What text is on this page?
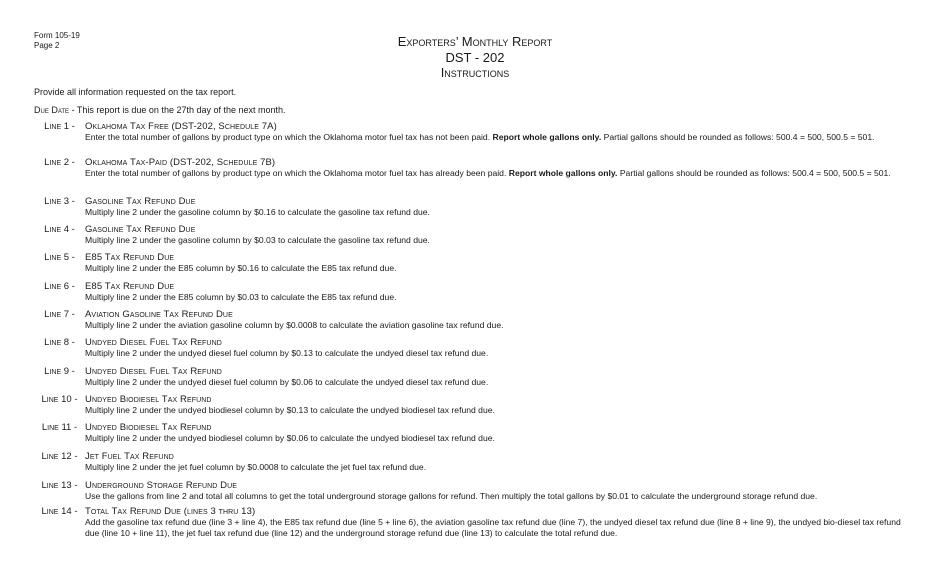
Form 105-19
Page 2	Exporters’ Monthly Report
DST - 202
Instructions
Provide all information requested on the tax report.
Due Date - This report is due on the 27th day of the next month.
Line 1 -	Oklahoma Tax Free (DST-202, Schedule 7A)
Enter the total number of gallons by product type on which the Oklahoma motor fuel tax has not been paid. Report whole gallons only. Partial gallons should be rounded as follows: 500.4 = 500, 500.5 = 501.
Line 2 -	Oklahoma Tax-Paid (DST-202, Schedule 7B)
Enter the total number of gallons by product type on which the Oklahoma motor fuel tax has already been paid. Report whole gallons only. Partial gallons should be rounded as follows: 500.4 = 500, 500.5 = 501.
Line 3 -	Gasoline Tax Refund Due
Multiply line 2 under the gasoline column by $0.16 to calculate the gasoline tax refund due.
Line 4 -	Gasoline Tax Refund Due
Multiply line 2 under the gasoline column by $0.03 to calculate the gasoline tax refund due.
Line 5 -	E85 Tax Refund Due
Multiply line 2 under the E85 column by $0.16 to calculate the E85 tax refund due.
Line 6 -	E85 Tax Refund Due
Multiply line 2 under the E85 column by $0.03 to calculate the E85 tax refund due.
Line 7 -	Aviation Gasoline Tax Refund Due
Multiply line 2 under the aviation gasoline column by $0.0008 to calculate the aviation gasoline tax refund due.
Line 8 -	Undyed Diesel Fuel Tax Refund
Multiply line 2 under the undyed diesel fuel column by $0.13 to calculate the undyed diesel tax refund due.
Line 9 -	Undyed Diesel Fuel Tax Refund
Multiply line 2 under the undyed diesel fuel column by $0.06 to calculate the undyed diesel tax refund due.
Line 10 - Undyed Biodiesel Tax Refund
Multiply line 2 under the undyed biodiesel column by $0.13 to calculate the undyed biodiesel tax refund due.
Line 11 - Undyed Biodiesel Tax Refund
Multiply line 2 under the undyed biodiesel column by $0.06 to calculate the undyed biodiesel tax refund due.
Line 12 - Jet Fuel Tax Refund
Multiply line 2 under the jet fuel column by $0.0008 to calculate the jet fuel tax refund due.
Line 13 - Underground Storage Refund Due
Use the gallons from line 2 and total all columns to get the total underground storage gallons for refund. Then multiply the total gallons by $0.01 to calculate the underground storage refund due.
Line 14 - Total Tax Refund Due (lines 3 thru 13)
Add the gasoline tax refund due (line 3 + line 4), the E85 tax refund due (line 5 + line 6), the aviation gasoline tax refund due (line 7), the undyed diesel tax refund due (line 8 + line 9), the undyed bio-diesel tax refund due (line 10 + line 11), the jet fuel tax refund due (line 12) and the underground storage refund due (line 13) to calculate the total refund due.
